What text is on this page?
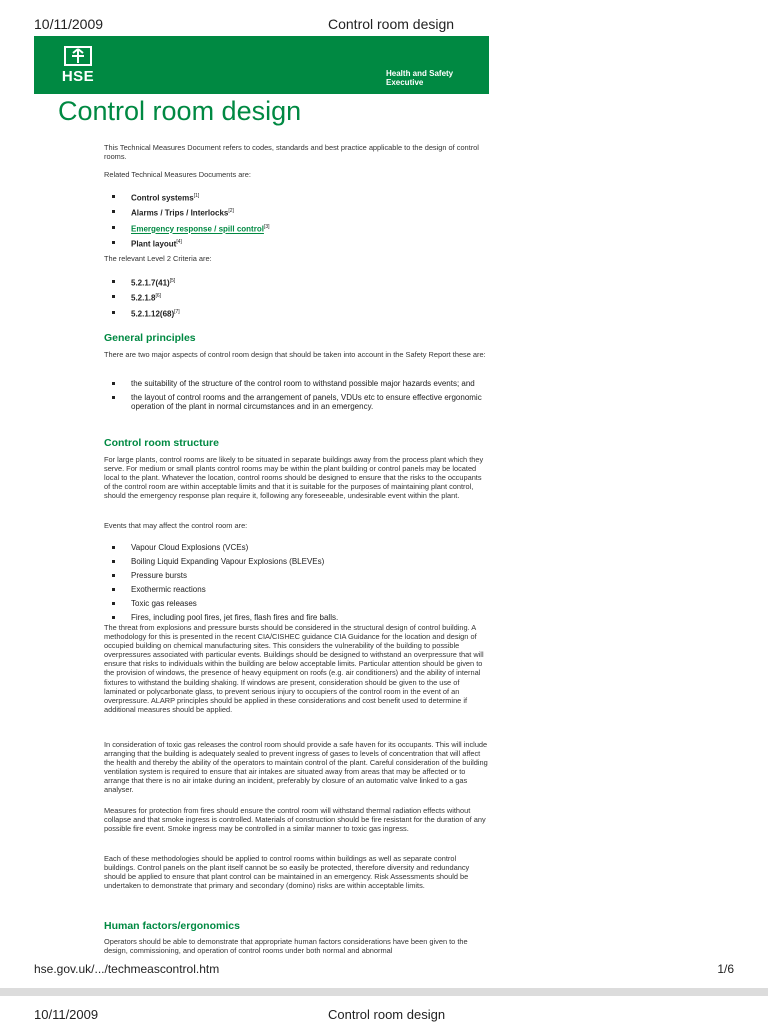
10/11/2009	Control room design
HSE	Health and Safety
Executive
Control room design

This Technical Measures Document refers to codes, standards and best practice applicable to the design of control rooms.

Related Technical Measures Documents are:

Control systems[1]
Alarms / Trips / Interlocks[2]
Emergency response / spill control[3]
Plant layout[4]

The relevant Level 2 Criteria are:

5.2.1.7(41)[5]
5.2.1.8[6]
5.2.1.12(68)[7]
General principles

There are two major aspects of control room design that should be taken into account in the Safety Report these are:

the suitability of the structure of the control room to withstand possible major hazards events; and
the layout of control rooms and the arrangement of panels, VDUs etc to ensure effective ergonomic operation of the plant in normal circumstances and in an emergency.
Control room structure

For large plants, control rooms are likely to be situated in separate buildings away from the process plant which they serve. For medium or small plants control rooms may be within the plant building or control panels may be located local to the plant. Whatever the location, control rooms should be designed to ensure that the risks to the occupants of the control room are within acceptable limits and that it is suitable for the purposes of maintaining plant control, should the emergency response plan require it, following any foreseeable, undesirable event within the plant.

Events that may affect the control room are:

Vapour Cloud Explosions (VCEs)
Boiling Liquid Expanding Vapour Explosions (BLEVEs)
Pressure bursts
Exothermic reactions
Toxic gas releases
Fires, including pool fires, jet fires, flash fires and fire balls.

The threat from explosions and pressure bursts should be considered in the structural design of control building. A methodology for this is presented in the recent CIA/CISHEC guidance CIA Guidance for the location and design of occupied building on chemical manufacturing sites. This considers the vulnerability of the building to possible overpressures associated with particular events. Buildings should be designed to withstand an overpressure that will ensure that risks to individuals within the building are below acceptable limits. Particular attention should be given to the provision of windows, the presence of heavy equipment on roofs (e.g. air conditioners) and the ability of internal fixtures to withstand the building shaking. If windows are present, consideration should be given to the use of laminated or polycarbonate glass, to prevent serious injury to occupiers of the control room in the event of an overpressure. ALARP principles should be applied in these considerations and cost benefit used to determine if additional measures should be applied.

In consideration of toxic gas releases the control room should provide a safe haven for its occupants. This will include arranging that the building is adequately sealed to prevent ingress of gases to levels of concentration that will affect the health and thereby the ability of the operators to maintain control of the plant. Careful consideration of the building ventilation system is required to ensure that air intakes are situated away from areas that may be affected or to arrange that there is no air intake during an incident, preferably by closure of an automatic valve linked to a gas analyser.

Measures for protection from fires should ensure the control room will withstand thermal radiation effects without collapse and that smoke ingress is controlled. Materials of construction should be fire resistant for the duration of any possible fire event. Smoke ingress may be controlled in a similar manner to toxic gas ingress.

Each of these methodologies should be applied to control rooms within buildings as well as separate control buildings. Control panels on the plant itself cannot be so easily be protected, therefore diversity and redundancy should be applied to ensure that plant control can be maintained in an emergency. Risk Assessments should be undertaken to demonstrate that primary and secondary (domino) risks are within acceptable limits.

Human factors/ergonomics

Operators should be able to demonstrate that appropriate human factors considerations have been given to the design, commissioning, and operation of control rooms under both normal and abnormal

hse.gov.uk/.../techmeascontrol.htm	1/6
10/11/2009	Control room design
